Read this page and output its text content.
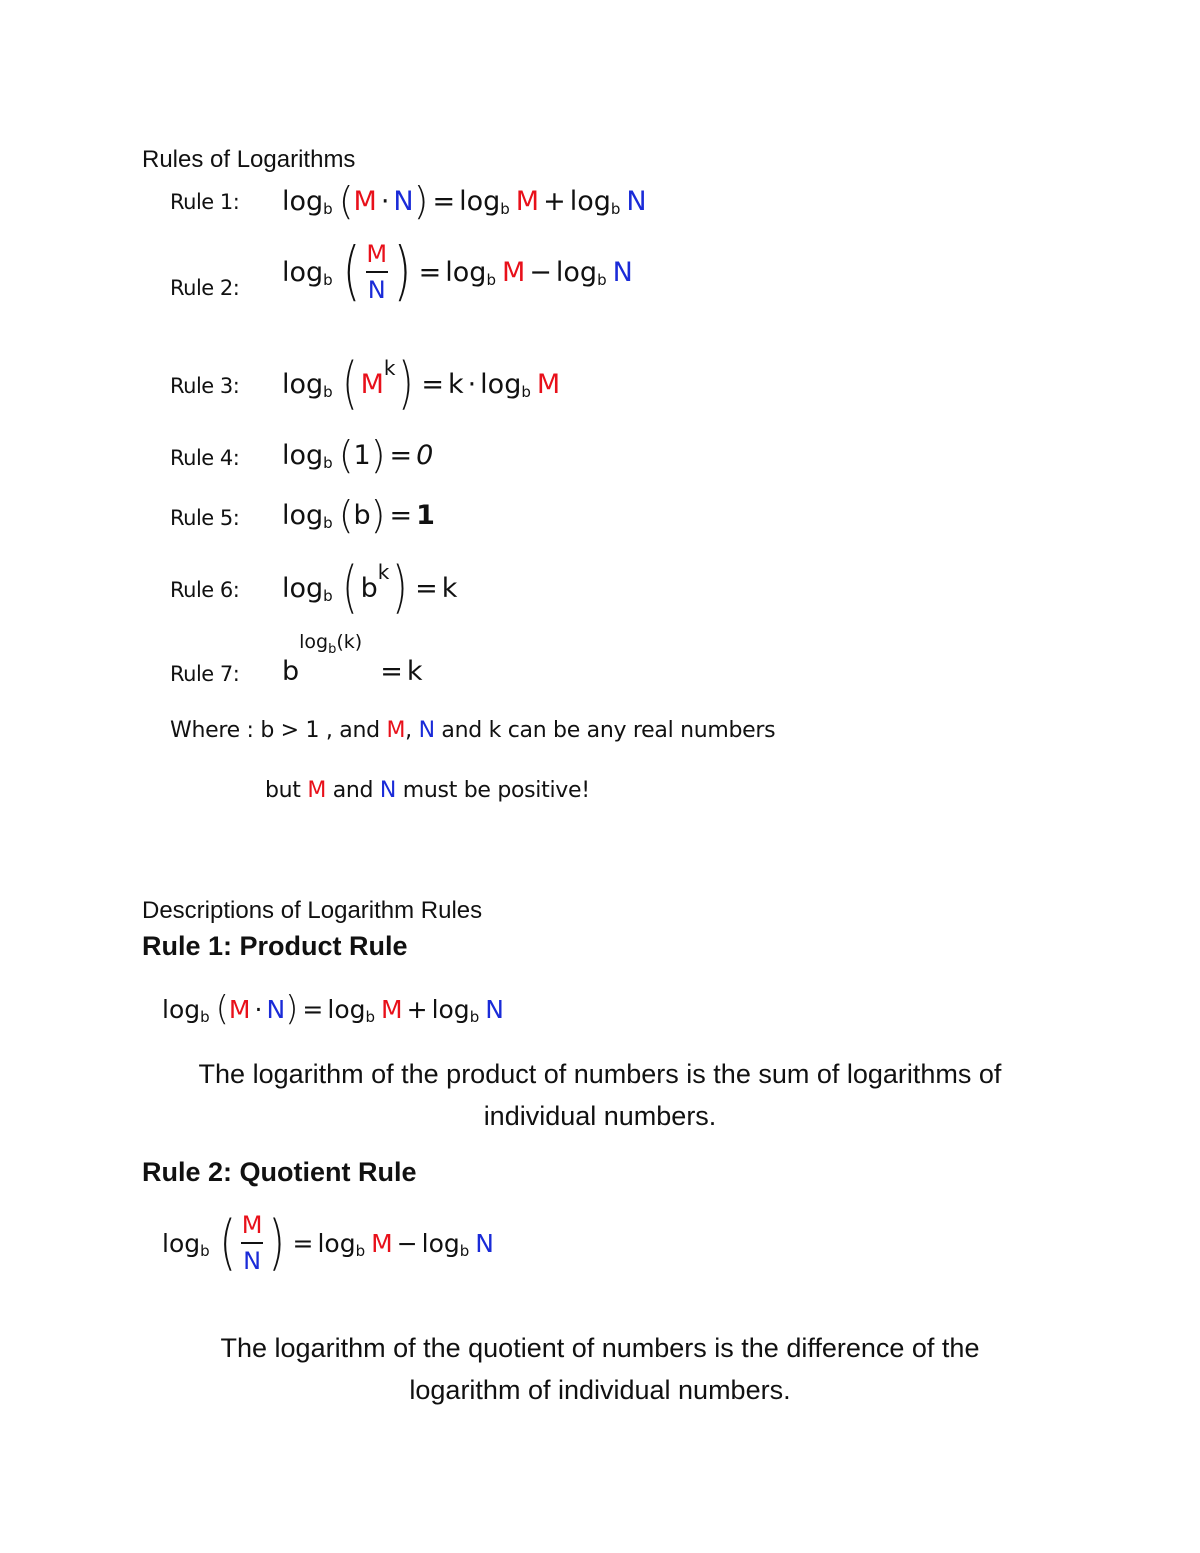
Rules of Logarithms
Rule 1: log b ( M · N ) = log b M + log b N
Rule 2:
log b ( $\frac{M}{N}$ ) = log b M − log b N
Rule 3: log b ( M
k ) = k · log b M
Rule 4: log b ( 1 ) = 0
Rule 5: log b ( b ) = 1
Rule 6: log b ( b
k ) = k
Rule 7: b
log b (k)
= k
Where : b > 1 , and M, N and k can be any real numbers
but M and N must be positive!
Descriptions of Logarithm Rules
Rule 1: Product Rule
log b ( M · N ) = log b M + log b N
The logarithm of the product of numbers is the sum of logarithms of
individual numbers.
Rule 2: Quotient Rule
log b ( $\frac{M}{N}$ ) = log b M − log b N
The logarithm of the quotient of numbers is the difference of the
logarithm of individual numbers.
